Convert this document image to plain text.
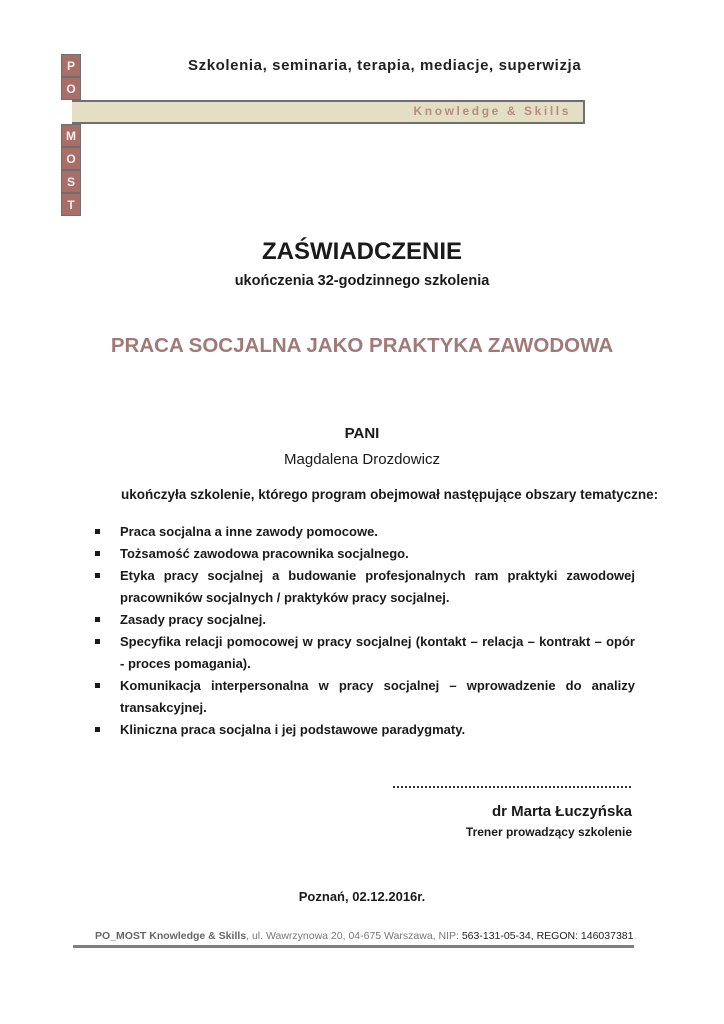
P
O
M
O
S
T
Szkolenia, seminaria, terapia, mediacje, superwizja
Knowledge & Skills
ZAŚWIADCZENIE
ukończenia 32-godzinnego szkolenia
PRACA SOCJALNA JAKO PRAKTYKA ZAWODOWA
PANI
Magdalena Drozdowicz
ukończyła szkolenie, którego program obejmował następujące obszary tematyczne:
Praca socjalna a inne zawody pomocowe.
Tożsamość zawodowa pracownika socjalnego.
Etyka pracy socjalnej a budowanie profesjonalnych ram praktyki zawodowej pracowników socjalnych / praktyków pracy socjalnej.
Zasady pracy socjalnej.
Specyfika relacji pomocowej w pracy socjalnej (kontakt – relacja – kontrakt – opór - proces pomagania).
Komunikacja interpersonalna w pracy socjalnej – wprowadzenie do analizy transakcyjnej.
Kliniczna praca socjalna i jej podstawowe paradygmaty.
dr Marta Łuczyńska
Trener prowadzący szkolenie
Poznań, 02.12.2016r.
PO_MOST Knowledge & Skills, ul. Wawrzynowa 20, 04-675 Warszawa, NIP: 563-131-05-34, REGON: 146037381
